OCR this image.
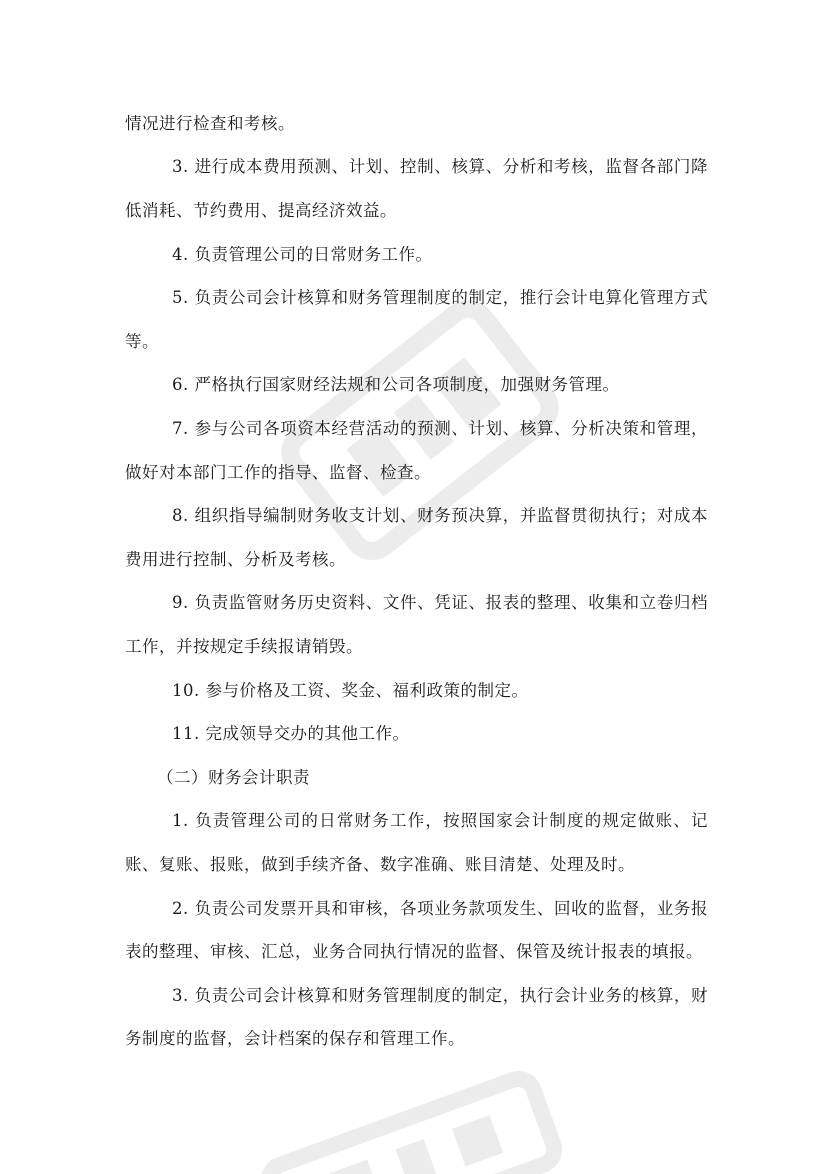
情况进行检查和考核。

3. 进行成本费用预测、计划、控制、核算、分析和考核，监督各部门降

低消耗、节约费用、提高经济效益。

4. 负责管理公司的日常财务工作。

5. 负责公司会计核算和财务管理制度的制定，推行会计电算化管理方式

等。

6. 严格执行国家财经法规和公司各项制度，加强财务管理。

7. 参与公司各项资本经营活动的预测、计划、核算、分析决策和管理，

做好对本部门工作的指导、监督、检查。

8. 组织指导编制财务收支计划、财务预决算，并监督贯彻执行；对成本

费用进行控制、分析及考核。

9. 负责监管财务历史资料、文件、凭证、报表的整理、收集和立卷归档

工作，并按规定手续报请销毁。

10. 参与价格及工资、奖金、福利政策的制定。

11. 完成领导交办的其他工作。

（二）财务会计职责

1. 负责管理公司的日常财务工作，按照国家会计制度的规定做账、记

账、复账、报账，做到手续齐备、数字准确、账目清楚、处理及时。

2. 负责公司发票开具和审核，各项业务款项发生、回收的监督，业务报

表的整理、审核、汇总，业务合同执行情况的监督、保管及统计报表的填报。

3. 负责公司会计核算和财务管理制度的制定，执行会计业务的核算，财

务制度的监督，会计档案的保存和管理工作。
